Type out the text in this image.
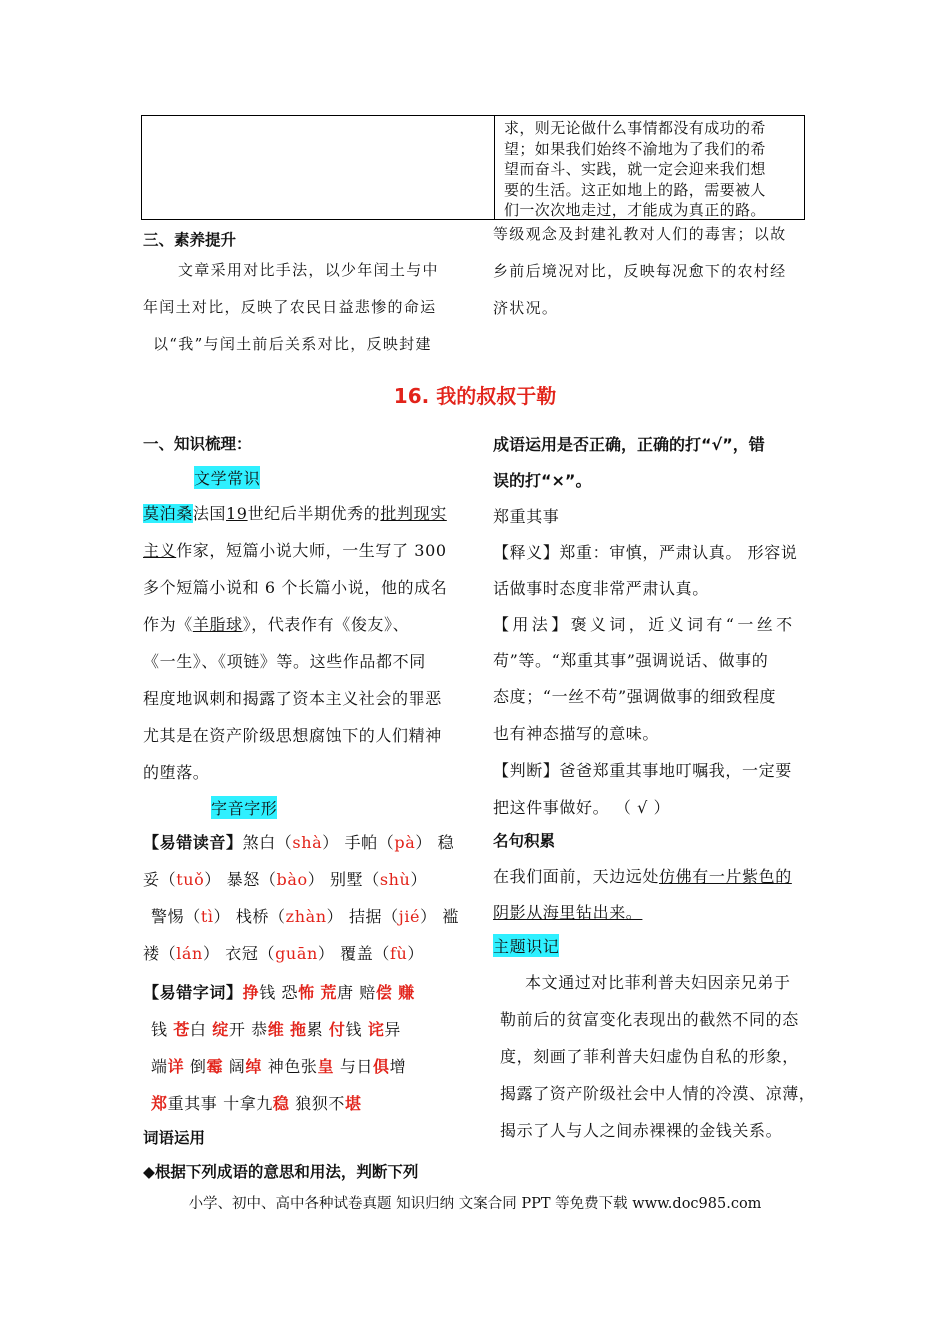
求，则无论做什么事情都没有成功的希
望；如果我们始终不渝地为了我们的希
望而奋斗、实践，就一定会迎来我们想
要的生活。这正如地上的路，需要被人
们一次次地走过，才能成为真正的路。
三、素养提升
文章采用对比手法，以少年闰土与中
年闰土对比，反映了农民日益悲惨的命运
以“我”与闰土前后关系对比，反映封建
等级观念及封建礼教对人们的毒害；以故
乡前后境况对比，反映每况愈下的农村经
济状况。
16. 我的叔叔于勒
一、知识梳理：
文学常识
莫泊桑法国19世纪后半期优秀的批判现实
主义作家，短篇小说大师，一生写了 300
多个短篇小说和 6 个长篇小说，他的成名
作为《羊脂球》，代表作有《俊友》、
《一生》、《项链》等。这些作品都不同
程度地讽刺和揭露了资本主义社会的罪恶
尤其是在资产阶级思想腐蚀下的人们精神
的堕落。
字音字形
【易错读音】煞白（shà） 手帕（pà） 稳
妥（tuǒ） 暴怒（bào） 别墅（shù）
警惕（tì） 栈桥（zhàn） 拮据（jié） 褴
褛（lán） 衣冠（guān） 覆盖（fù）
【易错字词】挣钱 恐怖 荒唐 赔偿 赚
钱 苍白 绽开 恭维 拖累 付钱 诧异
端详 倒霉 阔绰 神色张皇 与日俱增
郑重其事 十拿九稳 狼狈不堪
词语运用
◆根据下列成语的意思和用法，判断下列
成语运用是否正确，正确的打“√”，错
误的打“×”。
郑重其事
【释义】郑重：审慎，严肃认真。 形容说
话做事时态度非常严肃认真。
【用法】褒义词，近义词有“一丝不
苟”等。“郑重其事”强调说话、做事的
态度；“一丝不苟”强调做事的细致程度
也有神态描写的意味。
【判断】爸爸郑重其事地叮嘱我，一定要
把这件事做好。 （ √ ）
名句积累
在我们面前，天边远处仿佛有一片紫色的
阴影从海里钻出来。
主题识记
本文通过对比菲利普夫妇因亲兄弟于
勒前后的贫富变化表现出的截然不同的态
度，刻画了菲利普夫妇虚伪自私的形象，
揭露了资产阶级社会中人情的冷漠、凉薄，
揭示了人与人之间赤裸裸的金钱关系。
小学、初中、高中各种试卷真题 知识归纳 文案合同 PPT 等免费下载 www.doc985.com
